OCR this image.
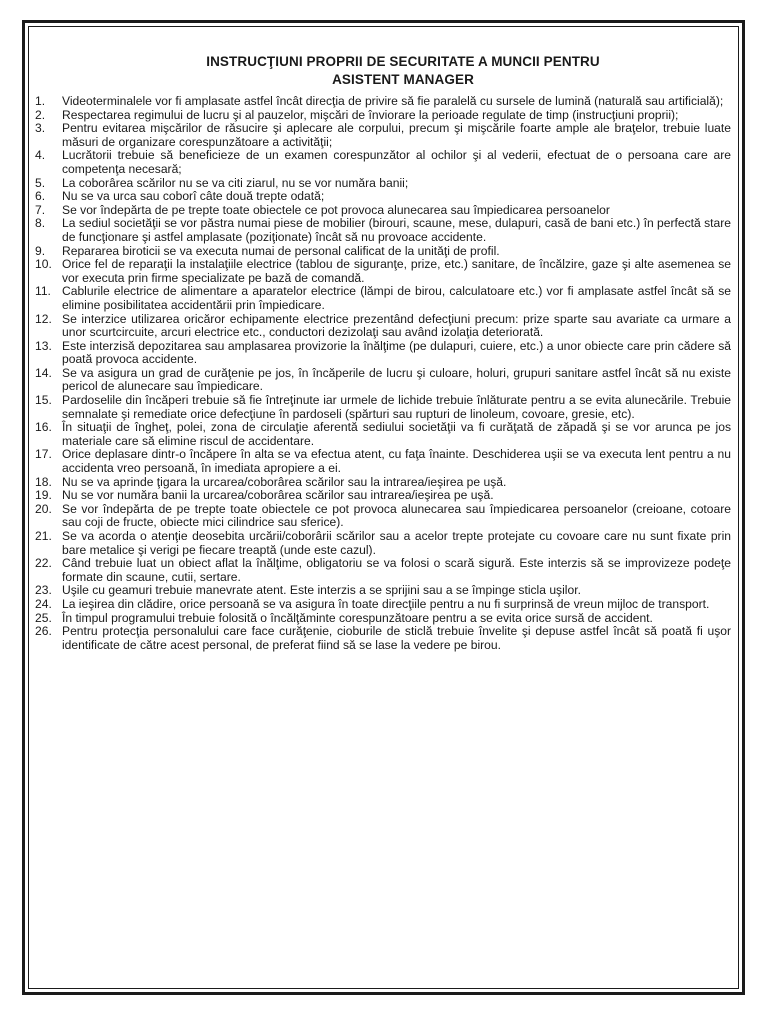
INSTRUCŢIUNI PROPRII DE SECURITATE A MUNCII PENTRU
ASISTENT MANAGER
1.	Videoterminalele vor fi amplasate astfel încât direcţia de privire să fie paralelă cu sursele de lumină (naturală sau artificială);
2.	Respectarea regimului de lucru şi al pauzelor, mişcări de înviorare la perioade regulate de timp (instrucţiuni proprii);
3.	Pentru evitarea mişcărilor de răsucire şi aplecare ale corpului, precum şi mişcările foarte ample ale braţelor, trebuie luate măsuri de organizare corespunzătoare a activităţii;
4.	Lucrătorii trebuie să beneficieze de un examen corespunzător al ochilor şi al vederii, efectuat de o persoana care are competenţa necesară;
5.	La coborârea scărilor nu se va citi ziarul, nu se vor număra banii;
6.	Nu se va urca sau coborî câte două trepte odată;
7.	Se vor îndepărta de pe trepte toate obiectele ce pot provoca alunecarea sau împiedicarea persoanelor
8.	La sediul societăţii se vor păstra numai piese de mobilier (birouri, scaune, mese, dulapuri, casă de bani etc.) în perfectă stare de funcţionare şi astfel amplasate (poziţionate) încât să nu provoace accidente.
9.	Repararea biroticii se va executa numai de personal calificat de la unităţi de profil.
10. Orice fel de reparaţii la instalaţiile electrice (tablou de siguranţe, prize, etc.) sanitare, de încălzire, gaze şi alte asemenea se vor executa prin firme specializate pe bază de comandă.
11. Cablurile electrice de alimentare a aparatelor electrice (lămpi de birou, calculatoare etc.) vor fi amplasate astfel încât să se elimine posibilitatea accidentării prin împiedicare.
12. Se interzice utilizarea oricăror echipamente electrice prezentând defecţiuni precum: prize sparte sau avariate ca urmare a unor scurtcircuite, arcuri electrice etc., conductori dezizolaţi sau având izolaţia deteriorată.
13. Este interzisă depozitarea sau amplasarea provizorie la înălţime (pe dulapuri, cuiere, etc.) a unor obiecte care prin cădere să poată provoca accidente.
14. Se va asigura un grad de curăţenie pe jos, în încăperile de lucru şi culoare, holuri, grupuri sanitare astfel încât să nu existe pericol de alunecare sau împiedicare.
15. Pardoselile din încăperi trebuie să fie întreţinute iar urmele de lichide trebuie înlăturate pentru a se evita alunecările. Trebuie semnalate şi remediate orice defecţiune în pardoseli (spărturi sau rupturi de linoleum, covoare, gresie, etc).
16. În situaţii de îngheţ, polei, zona de circulaţie aferentă sediului societăţii va fi curăţată de zăpadă şi se vor arunca pe jos materiale care să elimine riscul de accidentare.
17. Orice deplasare dintr-o încăpere în alta se va efectua atent, cu faţa înainte. Deschiderea uşii se va executa lent pentru a nu accidenta vreo persoană, în imediata apropiere a ei.
18. Nu se va aprinde ţigara la urcarea/coborârea scărilor sau la intrarea/ieşirea pe uşă.
19. Nu se vor număra banii la urcarea/coborârea scărilor sau intrarea/ieşirea pe uşă.
20. Se vor îndepărta de pe trepte toate obiectele ce pot provoca alunecarea sau împiedicarea persoanelor (creioane, cotoare sau coji de fructe, obiecte mici cilindrice sau sferice).
21. Se va acorda o atenţie deosebita urcării/coborârii scărilor sau a acelor trepte protejate cu covoare care nu sunt fixate prin bare metalice şi verigi pe fiecare treaptă (unde este cazul).
22. Când trebuie luat un obiect aflat la înălţime, obligatoriu se va folosi o scară sigură. Este interzis să se improvizeze podeţe formate din scaune, cutii, sertare.
23. Uşile cu geamuri trebuie manevrate atent. Este interzis a se sprijini sau a se împinge sticla uşilor.
24. La ieşirea din clădire, orice persoană se va asigura în toate direcţiile pentru a nu fi surprinsă de vreun mijloc de transport.
25. În timpul programului trebuie folosită o încălţăminte corespunzătoare pentru a se evita orice sursă de accident.
26. Pentru protecţia personalului care face curăţenie, cioburile de sticlă trebuie învelite şi depuse astfel încât să poată fi uşor identificate de către acest personal, de preferat fiind să se lase la vedere pe birou.
